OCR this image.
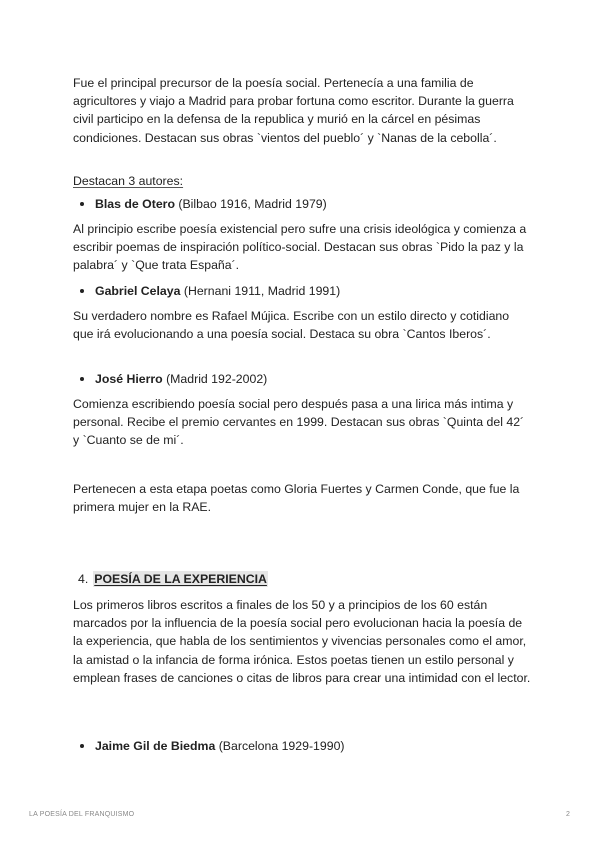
Fue el principal precursor de la poesía social. Pertenecía a una familia de agricultores y viajo a Madrid para probar fortuna como escritor. Durante la guerra civil participo en la defensa de la republica y murió en la cárcel en pésimas condiciones. Destacan sus obras `vientos del pueblo´ y `Nanas de la cebolla´.

Destacan 3 autores:

Blas de Otero (Bilbao 1916, Madrid 1979)

Al principio escribe poesía existencial pero sufre una crisis ideológica y comienza a escribir poemas de inspiración político-social. Destacan sus obras `Pido la paz y la palabra´ y `Que trata España´.

Gabriel Celaya (Hernani 1911, Madrid 1991)

Su verdadero nombre es Rafael Mújica. Escribe con un estilo directo y cotidiano que irá evolucionando a una poesía social. Destaca su obra `Cantos Iberos´.

José Hierro (Madrid 192-2002)

Comienza escribiendo poesía social pero después pasa a una lirica más intima y personal. Recibe el premio cervantes en 1999. Destacan sus obras `Quinta del 42´ y `Cuanto se de mi´.

Pertenecen a esta etapa poetas como Gloria Fuertes y Carmen Conde, que fue la primera mujer en la RAE.

4. POESÍA DE LA EXPERIENCIA

Los primeros libros escritos a finales de los 50 y a principios de los 60 están marcados por la influencia de la poesía social pero evolucionan hacia la poesía de la experiencia, que habla de los sentimientos y vivencias personales como el amor, la amistad o la infancia de forma irónica. Estos poetas tienen un estilo personal y emplean frases de canciones o citas de libros para crear una intimidad con el lector.

Jaime Gil de Biedma (Barcelona 1929-1990)
LA POESÍA DEL FRANQUISMO	2
